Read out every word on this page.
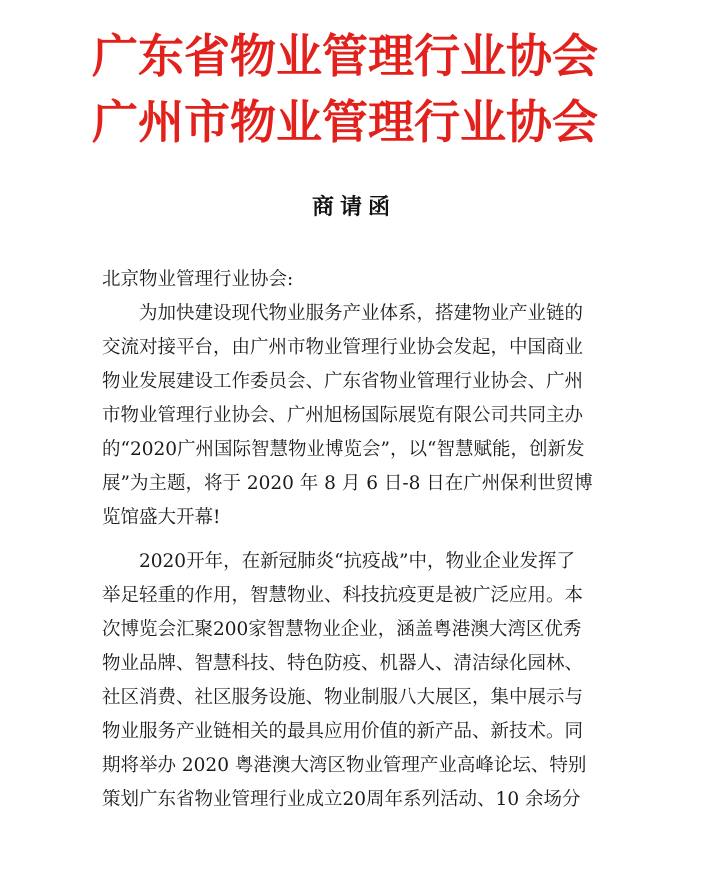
广东省物业管理行业协会
广州市物业管理行业协会
商请函
北京物业管理行业协会:
　　为加快建设现代物业服务产业体系，搭建物业产业链的
交流对接平台，由广州市物业管理行业协会发起，中国商业
物业发展建设工作委员会、广东省物业管理行业协会、广州
市物业管理行业协会、广州旭杨国际展览有限公司共同主办
的“2020广州国际智慧物业博览会”，以“智慧赋能，创新发
展”为主题，将于 2020 年 8 月 6 日-8 日在广州保利世贸博
览馆盛大开幕!
　　2020开年，在新冠肺炎“抗疫战”中，物业企业发挥了
举足轻重的作用，智慧物业、科技抗疫更是被广泛应用。本
次博览会汇聚200家智慧物业企业，涵盖粤港澳大湾区优秀
物业品牌、智慧科技、特色防疫、机器人、清洁绿化园林、
社区消费、社区服务设施、物业制服八大展区，集中展示与
物业服务产业链相关的最具应用价值的新产品、新技术。同
期将举办 2020 粤港澳大湾区物业管理产业高峰论坛、特别
策划广东省物业管理行业成立20周年系列活动、10 余场分
